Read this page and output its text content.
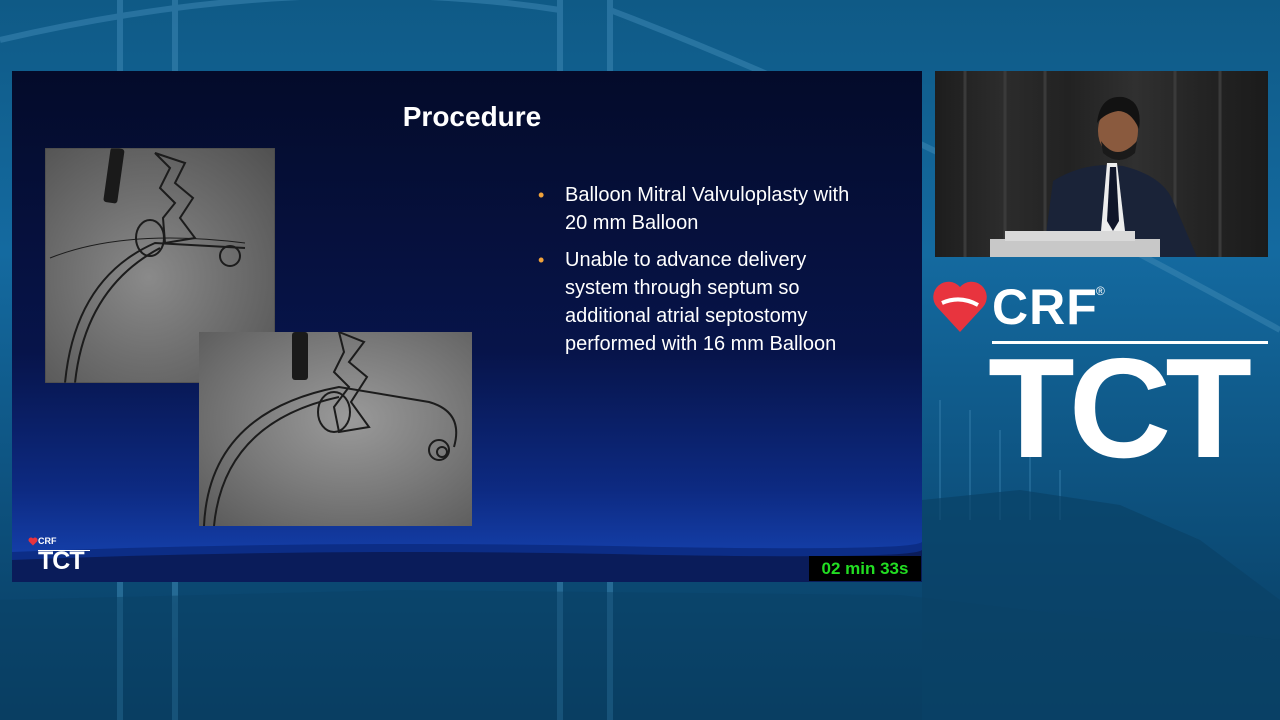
Procedure
• Balloon Mitral Valvuloplasty with 20 mm Balloon
• Unable to advance delivery system through septum so additional atrial septostomy performed with 16 mm Balloon
CRF
TCT	02 min 33s
CRF
®
TCT
